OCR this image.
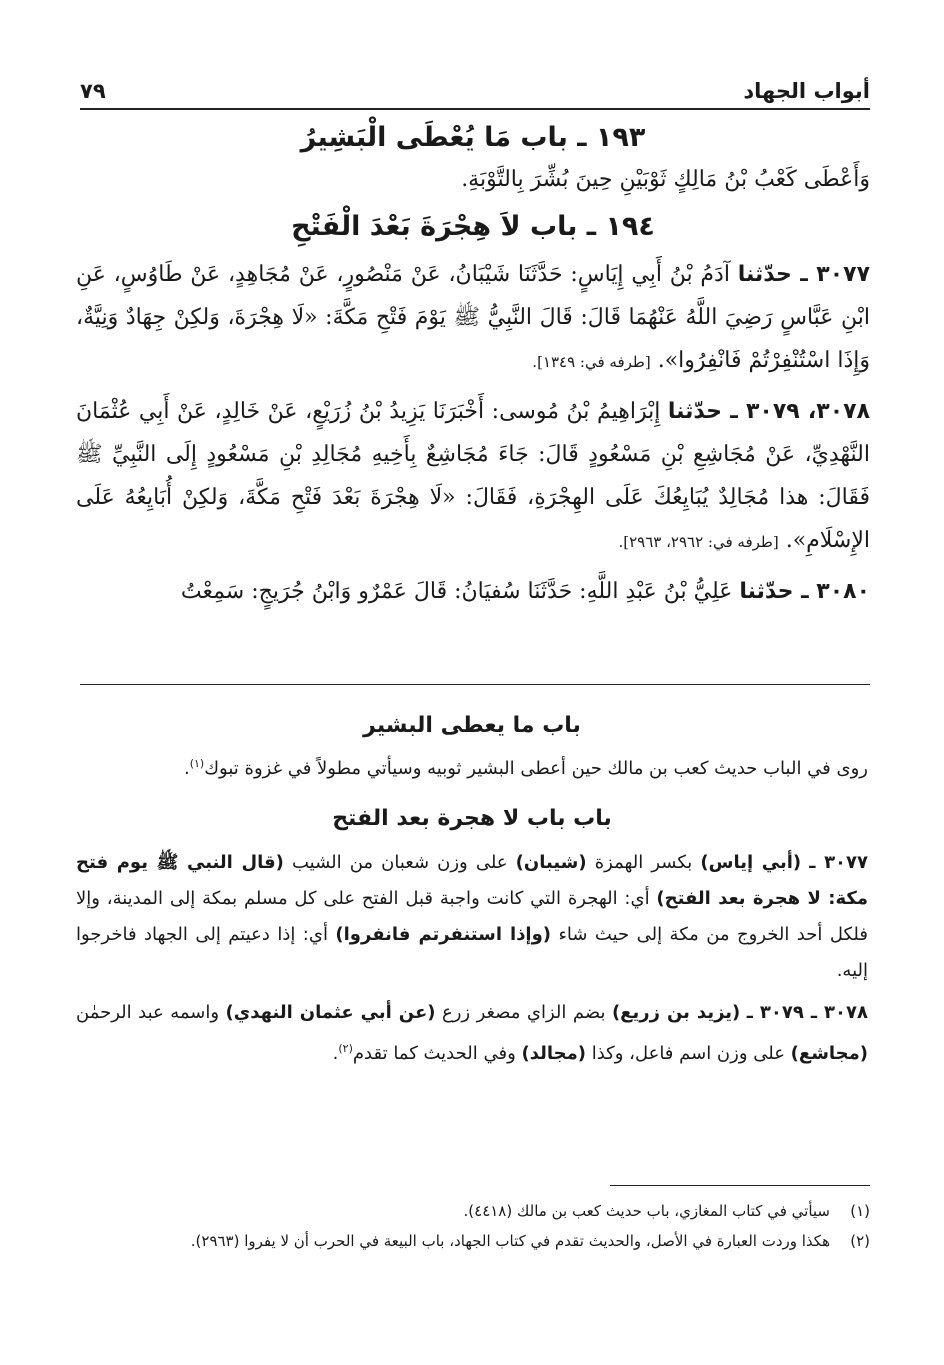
أبواب الجهاد
٧٩

١٩٣ ـ باب مَا يُعْطَى الْبَشِيرُ

وَأَعْطَى كَعْبُ بْنُ مَالِكٍ ثَوْبَيْنِ حِينَ بُشِّرَ بِالتَّوْبَةِ.

١٩٤ ـ باب لاَ هِجْرَةَ بَعْدَ الْفَتْحِ

٣٠٧٧ ـ حدّثنا آدَمُ بْنُ أَبِي إِيَاسٍ: حَدَّثَنَا شَيْبَانُ، عَنْ مَنْصُورٍ، عَنْ مُجَاهِدٍ، عَنْ طَاوُسٍ، عَنِ ابْنِ عَبَّاسٍ رَضِيَ اللَّهُ عَنْهُمَا قَالَ: قَالَ النَّبِيُّ ﷺ يَوْمَ فَتْحِ مَكَّةَ: «لَا هِجْرَةَ، وَلكِنْ جِهَادٌ وَنِيَّةٌ، وَإِذَا اسْتُنْفِرْتُمْ فَانْفِرُوا». [طرفه في: ١٣٤٩].

٣٠٧٨، ٣٠٧٩ ـ حدّثنا إِبْرَاهِيمُ بْنُ مُوسى: أَخْبَرَنَا يَزِيدُ بْنُ زُرَيْعٍ، عَنْ خَالِدٍ، عَنْ أَبِي عُثْمَانَ النَّهْدِيِّ، عَنْ مُجَاشِعِ بْنِ مَسْعُودٍ قَالَ: جَاءَ مُجَاشِعٌ بِأَخِيهِ مُجَالِدِ بْنِ مَسْعُودٍ إِلَى النَّبِيِّ ﷺ فَقَالَ: هذا مُجَالِدٌ يُبَايِعُكَ عَلَى الهِجْرَةِ، فَقَالَ: «لَا هِجْرَةَ بَعْدَ فَتْحِ مَكَّةَ، وَلكِنْ أُبَايِعُهُ عَلَى الإِسْلَامِ». [طرفه في: ٢٩٦٢، ٢٩٦٣].

٣٠٨٠ ـ حدّثنا عَلِيُّ بْنُ عَبْدِ اللَّهِ: حَدَّثَنَا سُفيَانُ: قَالَ عَمْرٌو وَابْنُ جُرَيجٍ: سَمِعْتُ

باب ما يعطى البشير

روى في الباب حديث كعب بن مالك حين أعطى البشير ثوبيه وسيأتي مطولاً في غزوة تبوك$^{(١)}$.

باب باب لا هجرة بعد الفتح

٣٠٧٧ ـ (أبي إياس) بكسر الهمزة (شيبان) على وزن شعبان من الشيب (قال النبي ﷺ يوم فتح مكة: لا هجرة بعد الفتح) أي: الهجرة التي كانت واجبة قبل الفتح على كل مسلم بمكة إلى المدينة، وإلا فلكل أحد الخروج من مكة إلى حيث شاء (وإذا استنفرتم فانفروا) أي: إذا دعيتم إلى الجهاد فاخرجوا إليه.

٣٠٧٨ ـ ٣٠٧٩ ـ (يزيد بن زريع) بضم الزاي مصغر زرع (عن أبي عثمان النهدي) واسمه عبد الرحمٰن (مجاشع) على وزن اسم فاعل، وكذا (مجالد) وفي الحديث كما تقدم$^{(٢)}$.

(١)
سيأتي في كتاب المغازي، باب حديث كعب بن مالك (٤٤١٨).

(٢)
هكذا وردت العبارة في الأصل، والحديث تقدم في كتاب الجهاد، باب البيعة في الحرب أن لا يفروا (٢٩٦٣).
